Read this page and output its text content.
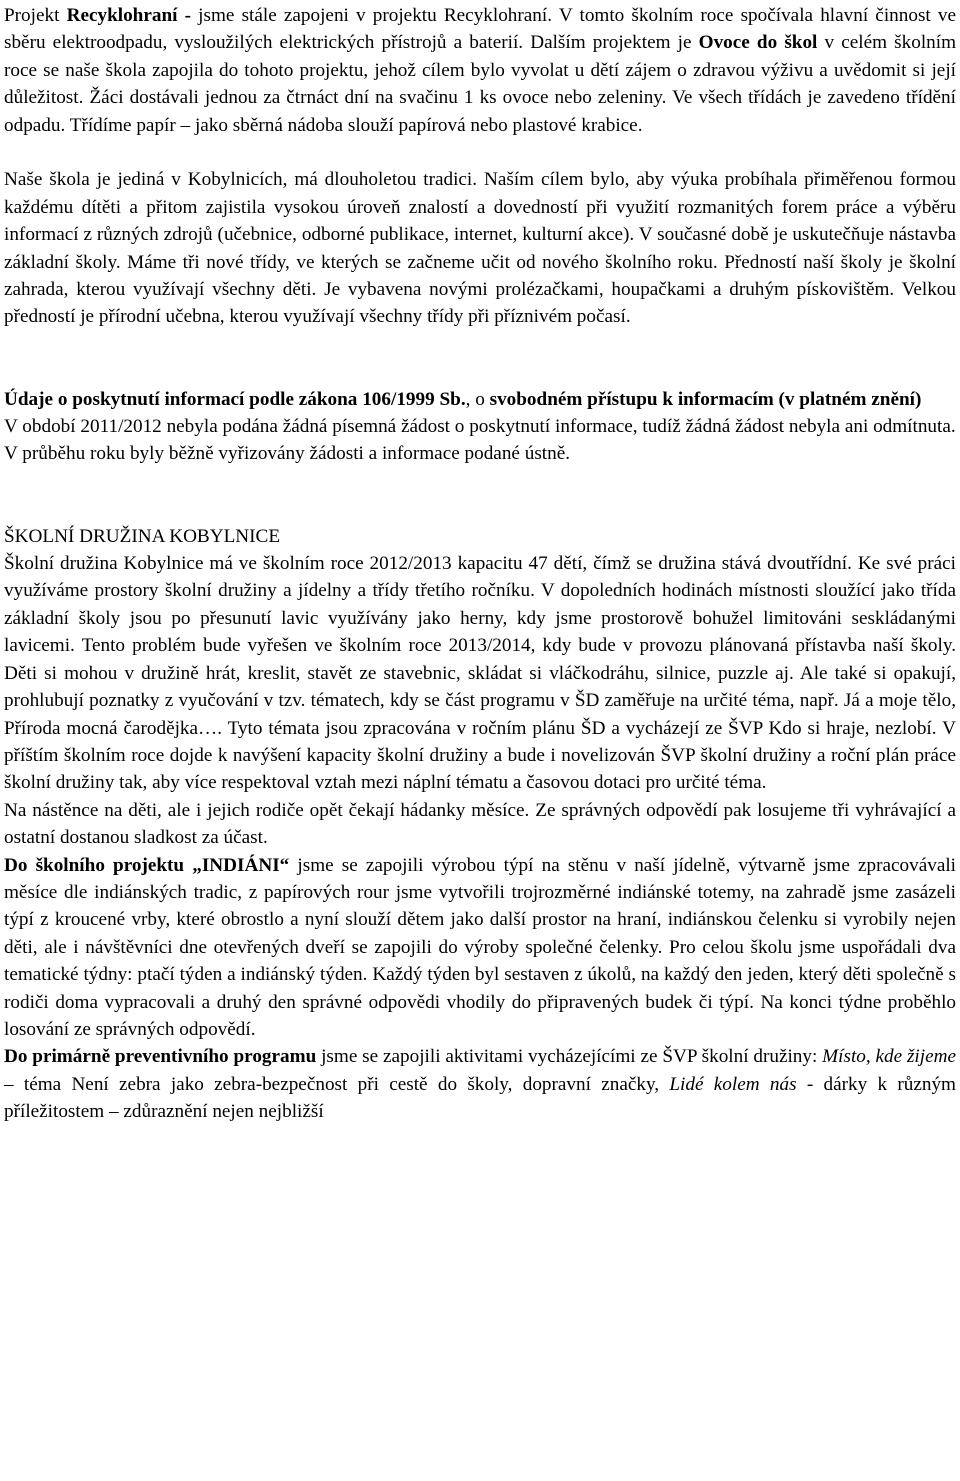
Projekt Recyklohraní - jsme stále zapojeni v projektu Recyklohraní. V tomto školním roce spočívala hlavní činnost ve sběru elektroodpadu, vysloužilých elektrických přístrojů a baterií. Dalším projektem je Ovoce do škol v celém školním roce se naše škola zapojila do tohoto projektu, jehož cílem bylo vyvolat u dětí zájem o zdravou výživu a uvědomit si její důležitost. Žáci dostávali jednou za čtrnáct dní na svačinu 1 ks ovoce nebo zeleniny. Ve všech třídách je zavedeno třídění odpadu. Třídíme papír – jako sběrná nádoba slouží papírová nebo plastové krabice.

Naše škola je jediná v Kobylnicích, má dlouholetou tradici. Naším cílem bylo, aby výuka probíhala přiměřenou formou každému dítěti a přitom zajistila vysokou úroveň znalostí a dovedností při využití rozmanitých forem práce a výběru informací z různých zdrojů (učebnice, odborné publikace, internet, kulturní akce). V současné době je uskutečňuje nástavba základní školy. Máme tři nové třídy, ve kterých se začneme učit od nového školního roku. Předností naší školy je školní zahrada, kterou využívají všechny děti. Je vybavena novými prolézačkami, houpačkami a druhým pískovištěm. Velkou předností je přírodní učebna, kterou využívají všechny třídy při příznivém počasí.

Údaje o poskytnutí informací podle zákona 106/1999 Sb., o svobodném přístupu k informacím (v platném znění)

V období 2011/2012 nebyla podána žádná písemná žádost o poskytnutí informace, tudíž žádná žádost nebyla ani odmítnuta.

V průběhu roku byly běžně vyřizovány žádosti a informace podané ústně.

ŠKOLNÍ DRUŽINA KOBYLNICE

Školní družina Kobylnice má ve školním roce 2012/2013 kapacitu 47 dětí, čímž se družina stává dvoutřídní. Ke své práci využíváme prostory školní družiny a jídelny a třídy třetího ročníku. V dopoledních hodinách místnosti sloužící jako třída základní školy jsou po přesunutí lavic využívány jako herny, kdy jsme prostorově bohužel limitováni seskládanými lavicemi. Tento problém bude vyřešen ve školním roce 2013/2014, kdy bude v provozu plánovaná přístavba naší školy. Děti si mohou v družině hrát, kreslit, stavět ze stavebnic, skládat si vláčkodráhu, silnice, puzzle aj. Ale také si opakují, prohlubují poznatky z vyučování v tzv. tématech, kdy se část programu v ŠD zaměřuje na určité téma, např. Já a moje tělo, Příroda mocná čarodějka…. Tyto témata jsou zpracována v ročním plánu ŠD a vycházejí ze ŠVP Kdo si hraje, nezlobí. V příštím školním roce dojde k navýšení kapacity školní družiny a bude i novelizován ŠVP školní družiny a roční plán práce školní družiny tak, aby více respektoval vztah mezi náplní tématu a časovou dotaci pro určité téma.

Na nástěnce na děti, ale i jejich rodiče opět čekají hádanky měsíce. Ze správných odpovědí pak losujeme tři vyhrávající a ostatní dostanou sladkost za účast.

Do školního projektu „INDIÁNI“ jsme se zapojili výrobou týpí na stěnu v naší jídelně, výtvarně jsme zpracovávali měsíce dle indiánských tradic, z papírových rour jsme vytvořili trojrozměrné indiánské totemy, na zahradě jsme zasázeli týpí z kroucené vrby, které obrostlo a nyní slouží dětem jako další prostor na hraní, indiánskou čelenku si vyrobily nejen děti, ale i návštěvníci dne otevřených dveří se zapojili do výroby společné čelenky. Pro celou školu jsme uspořádali dva tematické týdny: ptačí týden a indiánský týden. Každý týden byl sestaven z úkolů, na každý den jeden, který děti společně s rodiči doma vypracovali a druhý den správné odpovědi vhodily do připravených budek či týpí. Na konci týdne proběhlo losování ze správných odpovědí.

Do primárně preventivního programu jsme se zapojili aktivitami vycházejícími ze ŠVP školní družiny: Místo, kde žijeme – téma Není zebra jako zebra-bezpečnost při cestě do školy, dopravní značky, Lidé kolem nás - dárky k různým příležitostem – zdůraznění nejen nejbližší
